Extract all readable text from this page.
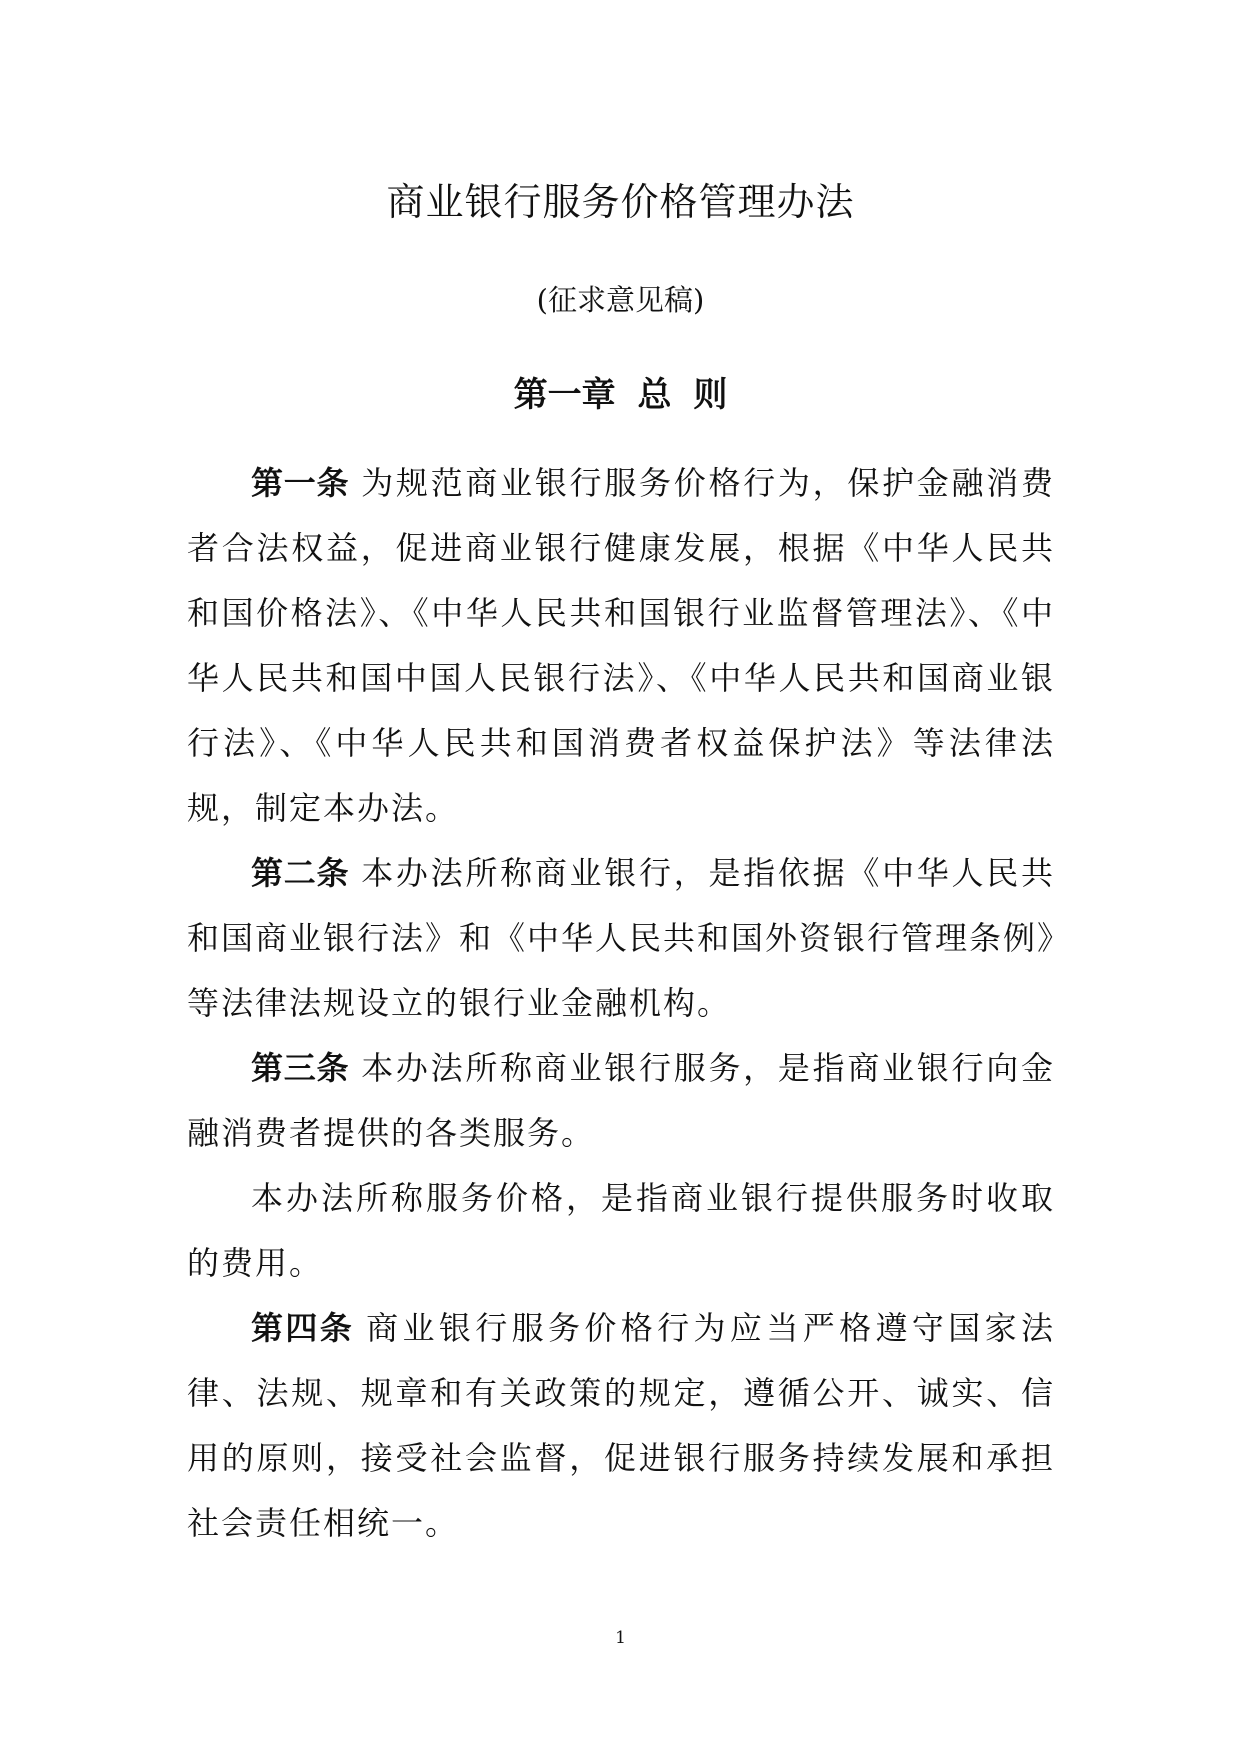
商业银行服务价格管理办法

(征求意见稿)

第一章 总 则

第一条 为规范商业银行服务价格行为，保护金融消费者合法权益，促进商业银行健康发展，根据《中华人民共和国价格法》、《中华人民共和国银行业监督管理法》、《中华人民共和国中国人民银行法》、《中华人民共和国商业银行法》、《中华人民共和国消费者权益保护法》等法律法规，制定本办法。

第二条 本办法所称商业银行，是指依据《中华人民共和国商业银行法》和《中华人民共和国外资银行管理条例》等法律法规设立的银行业金融机构。

第三条 本办法所称商业银行服务，是指商业银行向金融消费者提供的各类服务。

本办法所称服务价格，是指商业银行提供服务时收取的费用。

第四条 商业银行服务价格行为应当严格遵守国家法律、法规、规章和有关政策的规定，遵循公开、诚实、信用的原则，接受社会监督，促进银行服务持续发展和承担社会责任相统一。

1
